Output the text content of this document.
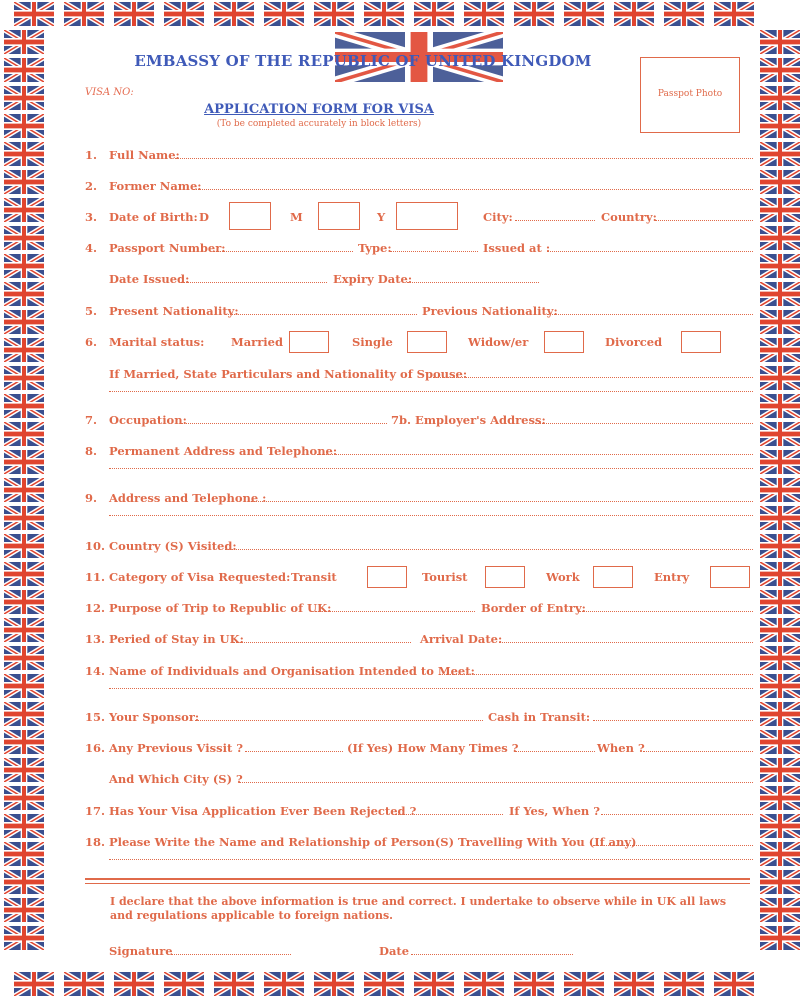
EMBASSY OF THE REPUBLIC OF UNITED KINGDOM
VISA NO:	Passpot Photo
APPLICATION FORM FOR VISA
(To be completed accurately in block letters)
1. Full Name:
2. Former Name:
3. Date of Birth: D	M	Y	City:	Country:
4. Passport Number:	Type:	Issued at :
Date Issued:	Expiry Date:
5. Present Nationality:	Previous Nationality:
6. Marital status: Married	Single	Widow/er	Divorced
If Married, State Particulars and Nationality of Spouse:
7. Occupation:	7b. Employer's Address:
8. Permanent Address and Telephone:
9. Address and Telephone :
10. Country (S) Visited:
11. Category of Visa Requested: Transit	Tourist	Work	Entry
12. Purpose of Trip to Republic of UK:	Border of Entry:
13. Peried of Stay in UK:	Arrival Date:
14. Name of Individuals and Organisation Intended to Meet:
15. Your Sponsor:	Cash in Transit:
16. Any Previous Vissit ?	(If Yes) How Many Times ?	When ?
And Which City (S) ?
17. Has Your Visa Application Ever Been Rejected ?	If Yes, When ?
18. Please Write the Name and Relationship of Person(S) Travelling With You (If any)
I declare that the above information is true and correct. I undertake to observe while in UK all laws and regulations applicable to foreign nations.
Signature	Date
